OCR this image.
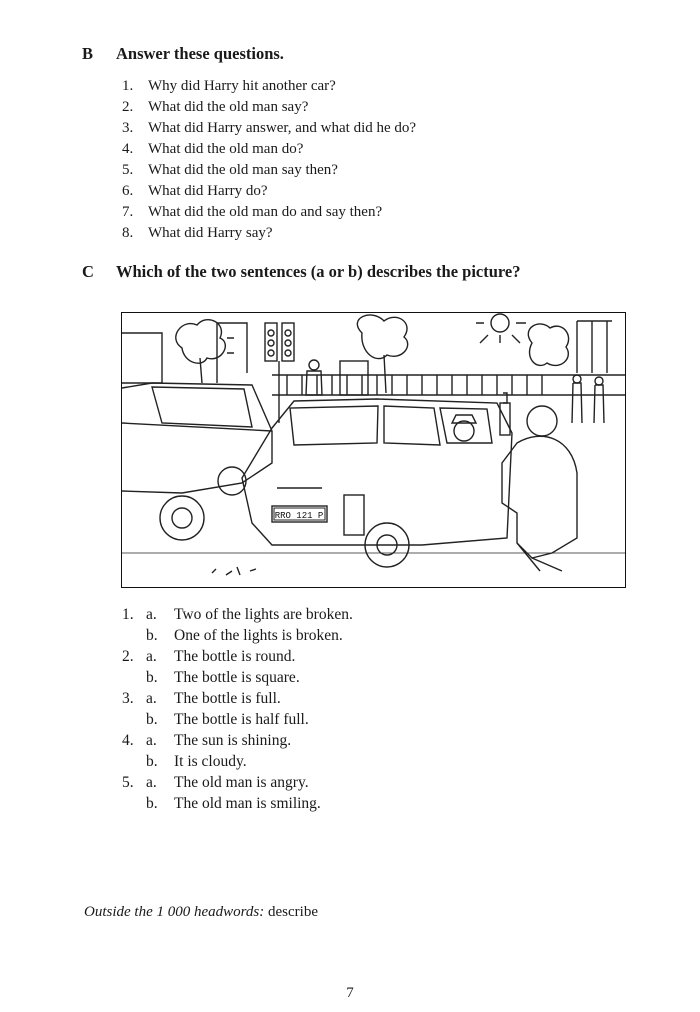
B	Answer these questions.
1. Why did Harry hit another car?
2. What did the old man say?
3. What did Harry answer, and what did he do?
4. What did the old man do?
5. What did the old man say then?
6. What did Harry do?
7. What did the old man do and say then?
8. What did Harry say?
C Which of the two sentences (a or b) describes the picture?
RRO 121 P
1. a.	Two of the lights are broken.
b.	One of the lights is broken.
2. a.	The bottle is round.
b.	The bottle is square.
3. a.	The bottle is full.
b.	The bottle is half full.
4. a.	The sun is shining.
b.	It is cloudy.
5. a.	The old man is angry.
b.	The old man is smiling.
Outside the 1 000 headwords: describe
7
